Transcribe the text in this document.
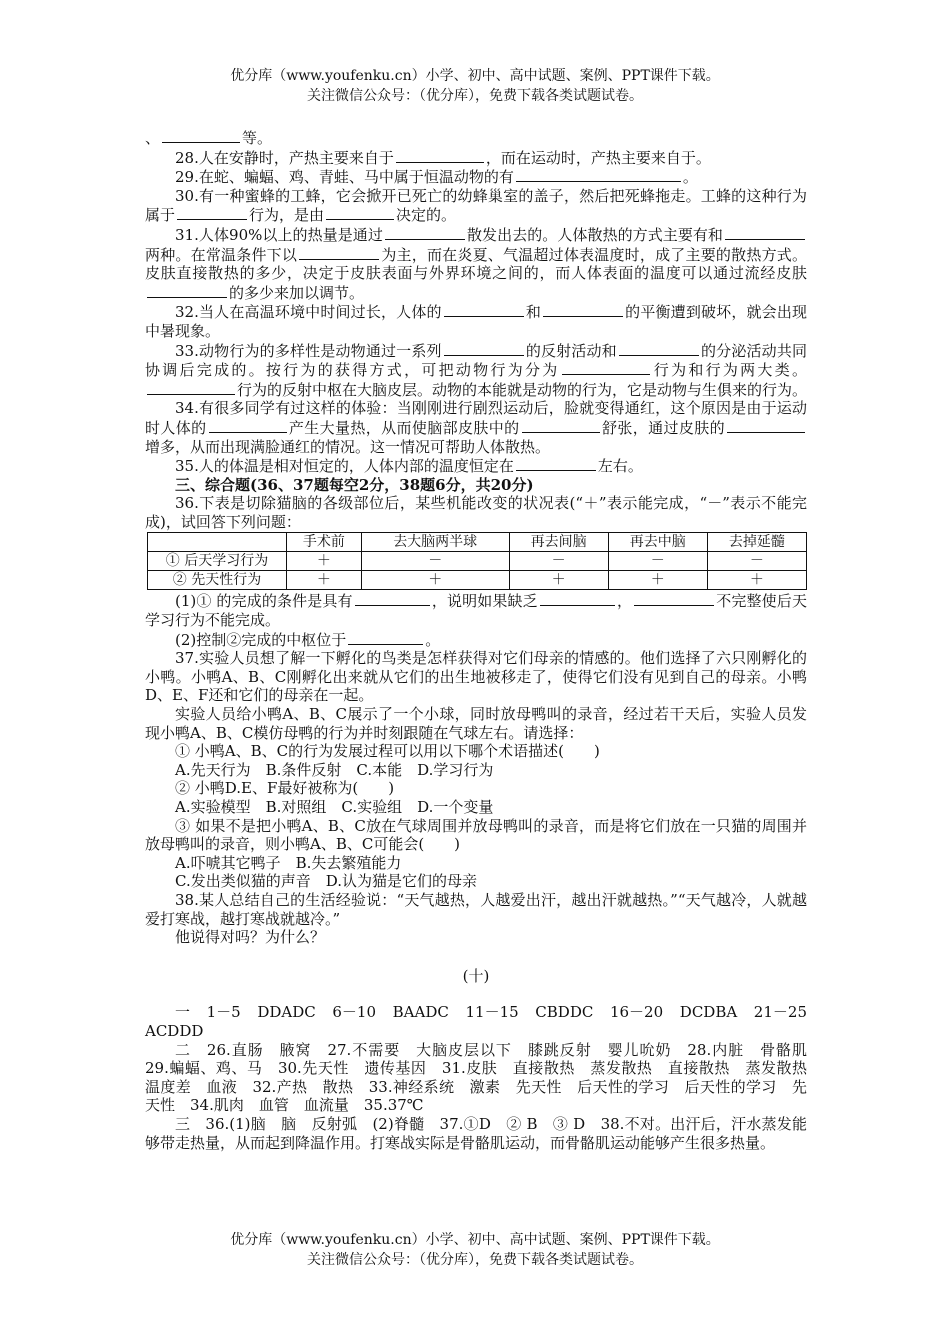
优分库（www.youfenku.cn）小学、初中、高中试题、案例、PPT课件下载。
关注微信公众号：（优分库），免费下载各类试题试卷。

、	等。

28.人在安静时，产热主要来自于	，而在运动时，产热主要来自于。

29.在蛇、蝙蝠、鸡、青蛙、马中属于恒温动物的有	。

30.有一种蜜蜂的工蜂，它会掀开已死亡的幼蜂巢室的盖子，然后把死蜂拖走。工蜂的这种行为属于	行为，是由	决定的。

31.人体90%以上的热量是通过	散发出去的。人体散热的方式主要有和两种。在常温条件下以	为主，而在炎夏、气温超过体表温度时，成了主要的散热方式。皮肤直接散热的多少，决定于皮肤表面与外界环境之间的，而人体表面的温度可以通过流经皮肤的多少来加以调节。

32.当人在高温环境中时间过长，人体的	和	的平衡遭到破坏，就会出现中暑现象。

33.动物行为的多样性是动物通过一系列	的反射活动和	的分泌活动共同协调后完成的。按行为的获得方式，可把动物行为分为	行为和行为两大类。行为的反射中枢在大脑皮层。动物的本能就是动物的行为，它是动物与生俱来的行为。

34.有很多同学有过这样的体验：当刚刚进行剧烈运动后，脸就变得通红，这个原因是由于运动时人体的	产生大量热，从而使脑部皮肤中的	舒张，通过皮肤的增多，从而出现满脸通红的情况。这一情况可帮助人体散热。

35.人的体温是相对恒定的，人体内部的温度恒定在	左右。

三、综合题(36、37题每空2分，38题6分，共20分)

36.下表是切除猫脑的各级部位后，某些机能改变的状况表(“＋”表示能完成，“－”表示不能完成)，试回答下列问题：

	手术前	去大脑两半球	再去间脑	再去中脑	去掉延髓
① 后天学习行为	＋	－	－	－	－
② 先天性行为	＋	＋	＋	＋	＋

(1)① 的完成的条件是具有	，说明如果缺乏	，	不完整使后天学习行为不能完成。

(2)控制②完成的中枢位于	。

37.实验人员想了解一下孵化的鸟类是怎样获得对它们母亲的情感的。他们选择了六只刚孵化的小鸭。小鸭A、B、C刚孵化出来就从它们的出生地被移走了，使得它们没有见到自己的母亲。小鸭D、E、F还和它们的母亲在一起。

实验人员给小鸭A、B、C展示了一个小球，同时放母鸭叫的录音，经过若干天后，实验人员发现小鸭A、B、C模仿母鸭的行为并时刻跟随在气球左右。请选择：

① 小鸭A、B、C的行为发展过程可以用以下哪个术语描述(　　)

A.先天行为　B.条件反射　C.本能　D.学习行为

② 小鸭D.E、F最好被称为(　　)

A.实验模型　B.对照组　C.实验组　D.一个变量

③ 如果不是把小鸭A、B、C放在气球周围并放母鸭叫的录音，而是将它们放在一只猫的周围并放母鸭叫的录音，则小鸭A、B、C可能会(　　)

A.吓唬其它鸭子　B.失去繁殖能力

C.发出类似猫的声音　D.认为猫是它们的母亲

38.某人总结自己的生活经验说：“天气越热，人越爱出汗，越出汗就越热。”“天气越冷，人就越爱打寒战，越打寒战就越冷。”

他说得对吗？为什么？

(十)

一　1－5　DDADC　6－10　BAADC　11－15　CBDDC　16－20　DCDBA　21－25　ACDDD

二　26.直肠　腋窝　27.不需要　大脑皮层以下　膝跳反射　婴儿吮奶　28.内脏　骨骼肌　29.蝙蝠、鸡、马　30.先天性　遗传基因　31.皮肤　直接散热　蒸发散热　直接散热　蒸发散热　温度差　血液　32.产热　散热　33.神经系统　激素　先天性　后天性的学习　后天性的学习　先天性　34.肌肉　血管　血流量　35.37℃

三　36.(1)脑　脑　反射弧　(2)脊髓　37.①D　② B　③ D　38.不对。出汗后，汗水蒸发能够带走热量，从而起到降温作用。打寒战实际是骨骼肌运动，而骨骼肌运动能够产生很多热量。

优分库（www.youfenku.cn）小学、初中、高中试题、案例、PPT课件下载。
关注微信公众号：（优分库），免费下载各类试题试卷。
